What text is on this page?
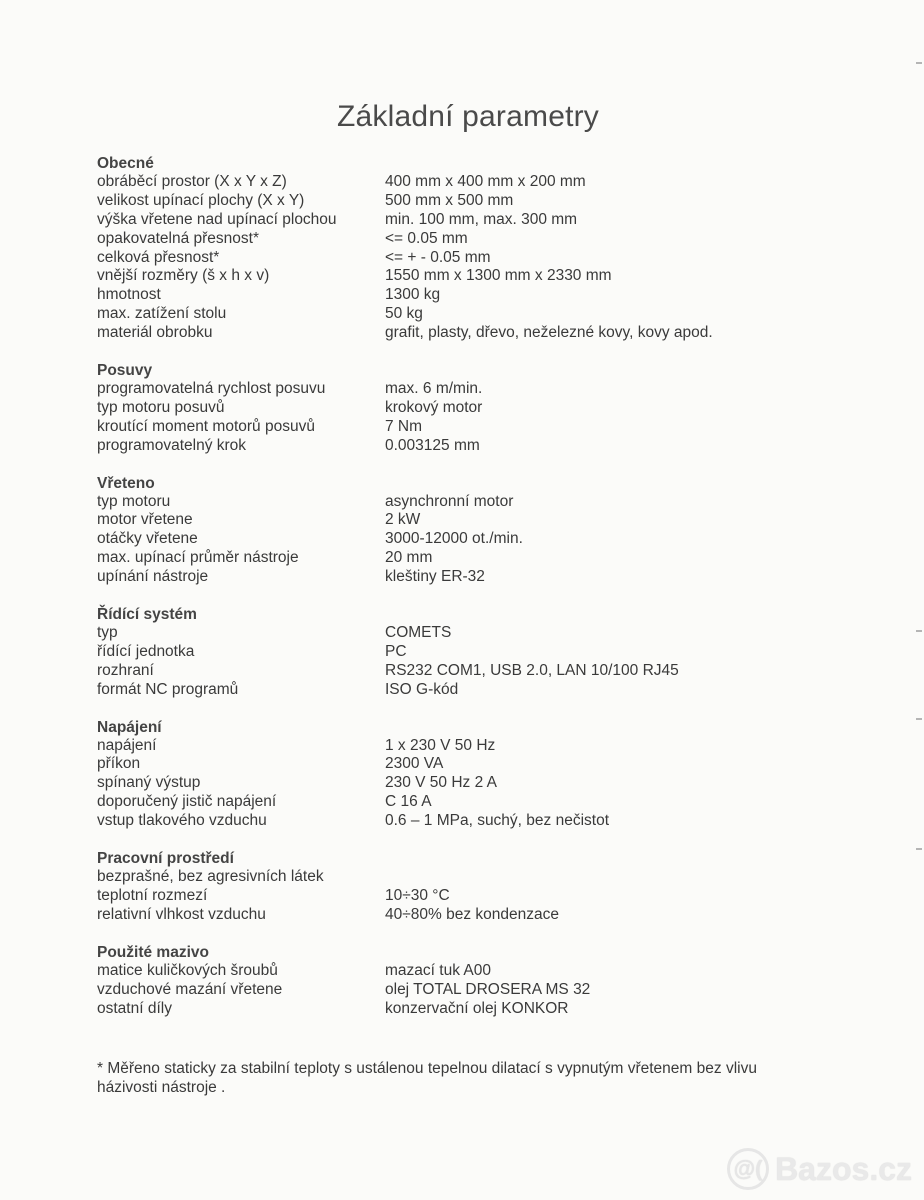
Základní parametry
Obecné
obráběcí prostor (X x Y x Z)	400 mm x 400 mm x 200 mm
velikost upínací plochy (X x Y)	500 mm x 500 mm
výška vřetene nad upínací plochou	min. 100 mm, max. 300 mm
opakovatelná přesnost*	<= 0.05 mm
celková přesnost*	<= + - 0.05 mm
vnější rozměry (š x h x v)	1550 mm x 1300 mm x 2330 mm
hmotnost	1300 kg
max. zatížení stolu	50 kg
materiál obrobku	grafit, plasty, dřevo, neželezné kovy, kovy apod.
Posuvy
programovatelná rychlost posuvu	max. 6 m/min.
typ motoru posuvů	krokový motor
kroutící moment motorů posuvů	7 Nm
programovatelný krok	0.003125 mm
Vřeteno
typ motoru	asynchronní motor
motor vřetene	2 kW
otáčky vřetene	3000-12000 ot./min.
max. upínací průměr nástroje	20 mm
upínání nástroje	kleštiny ER-32
Řídící systém
typ	COMETS
řídící jednotka	PC
rozhraní	RS232 COM1, USB 2.0, LAN 10/100 RJ45
formát NC programů	ISO G-kód
Napájení
napájení	1 x 230 V 50 Hz
příkon	2300 VA
spínaný výstup	230 V 50 Hz 2 A
doporučený jistič napájení	C 16 A
vstup tlakového vzduchu	0.6 – 1 MPa, suchý, bez nečistot
Pracovní prostředí
bezprašné, bez agresivních látek
teplotní rozmezí	10÷30 °C
relativní vlhkost vzduchu	40÷80% bez kondenzace
Použité mazivo
matice kuličkových šroubů	mazací tuk A00
vzduchové mazání vřetene	olej TOTAL DROSERA MS 32
ostatní díly	konzervační olej KONKOR
* Měřeno staticky za stabilní teploty s ustálenou tepelnou dilatací s vypnutým vřetenem bez vlivu
házivosti nástroje .
@( Bazos.cz
